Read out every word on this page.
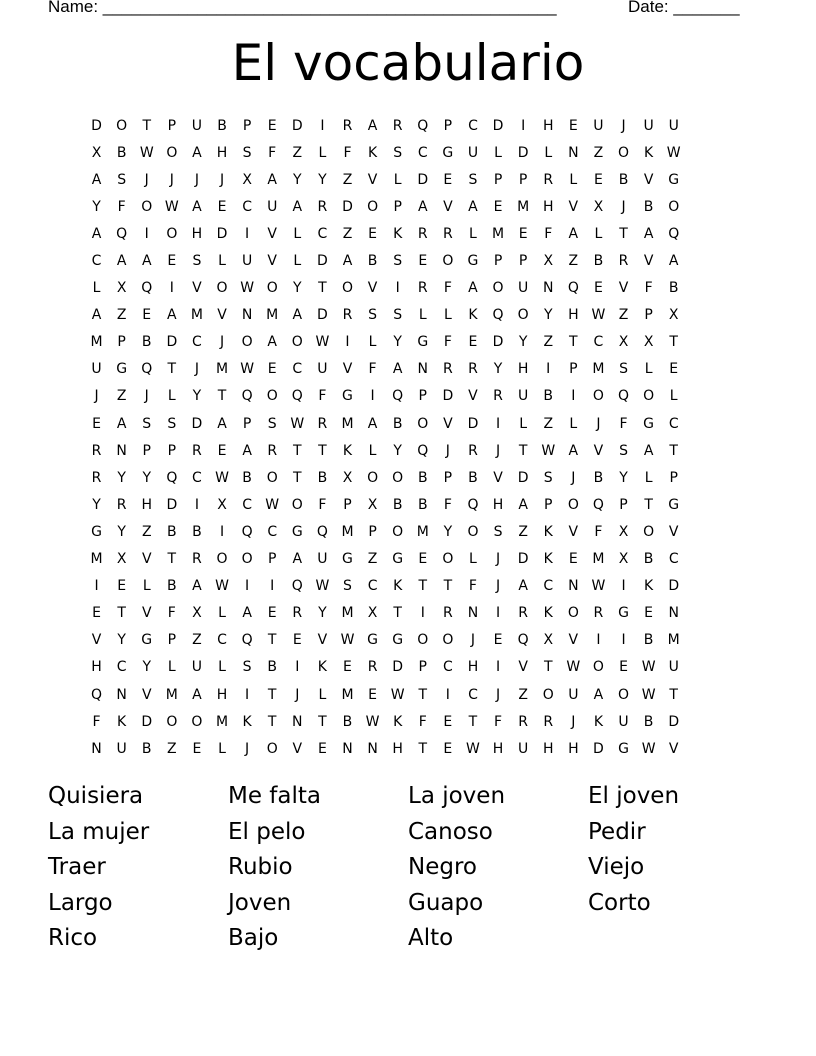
Name: ________________________________________________	Date: _______
El vocabulario
D	O	T	P	U	B	P	E	D	I	R	A	R	Q	P	C	D	I	H	E	U	J	U	U
X	B W O	A	H	S	F	Z	L	F	K	S	C	G	U	L	D	L	N	Z	O	K W
A	S	J	J	J	J	X	A	Y	Y	Z	V	L	D	E	S	P	P	R	L	E	B	V	G
Y	F	O W A	E	C	U	A	R	D	O	P	A	V	A	E	M H	V	X	J	B	O
A	Q	I	O	H	D	I	V	L	C	Z	E	K	R	R	L	M	E	F	A	L	T	A	Q
C	A	A	E	S	L	U	V	L	D	A	B	S	E	O	G	P	P	X	Z	B	R	V	A
L	X	Q	I	V	O W O	Y	T	O	V	I	R	F	A	O	U	N	Q	E	V	F	B
A	Z	E	A	M	V	N M	A	D	R	S	S	L	L	K	Q	O	Y	H W Z	P	X
M	P	B	D	C	J	O	A	O W	I	L	Y	G	F	E	D	Y	Z	T	C	X	X	T
U	G	Q	T	J	M W E	C	U	V	F	A	N	R	R	Y	H	I	P	M	S	L	E
J	Z	J	L	Y	T	Q	O	Q	F	G	I	Q	P	D	V	R	U	B	I	O	Q	O	L
E	A	S	S	D	A	P	S W R	M	A	B	O	V	D	I	L	Z	L	J	F	G	C
R	N	P	P	R	E	A	R	T	T	K	L	Y	Q	J	R	J	T W A	V	S	A	T
R	Y	Y	Q	C W B	O	T	B	X	O	O	B	P	B	V	D	S	J	B	Y	L	P
Y	R	H	D	I	X	C W O	F	P	X	B	B	F	Q	H	A	P	O	Q	P	T	G
G	Y	Z	B	B	I	Q	C	G	Q M	P	O M	Y	O	S	Z	K	V	F	X	O	V
M	X	V	T	R	O	O	P	A	U	G	Z	G	E	O	L	J	D	K	E	M	X	B	C
I	E	L	B	A W	I	I	Q W S	C	K	T	T	F	J	A	C	N W	I	K	D
E	T	V	F	X	L	A	E	R	Y	M	X	T	I	R	N	I	R	K	O	R	G	E	N
V	Y	G	P	Z	C	Q	T	E	V W G	G	O	O	J	E	Q	X	V	I	I	B	M
H	C	Y	L	U	L	S	B	I	K	E	R	D	P	C	H	I	V	T W O	E W U
Q	N	V	M	A	H	I	T	J	L	M	E W T	I	C	J	Z	O	U	A	O W T
F	K	D	O	O M	K	T	N	T	B W K	F	E	T	F	R	R	J	K	U	B	D
N	U	B	Z	E	L	J	O	V	E	N	N	H	T	E W H	U	H	H	D	G W V
Quisiera	Me falta	La joven	El joven
La mujer	El pelo	Canoso	Pedir
Traer	Rubio	Negro	Viejo
Largo	Joven	Guapo	Corto
Rico	Bajo	Alto
